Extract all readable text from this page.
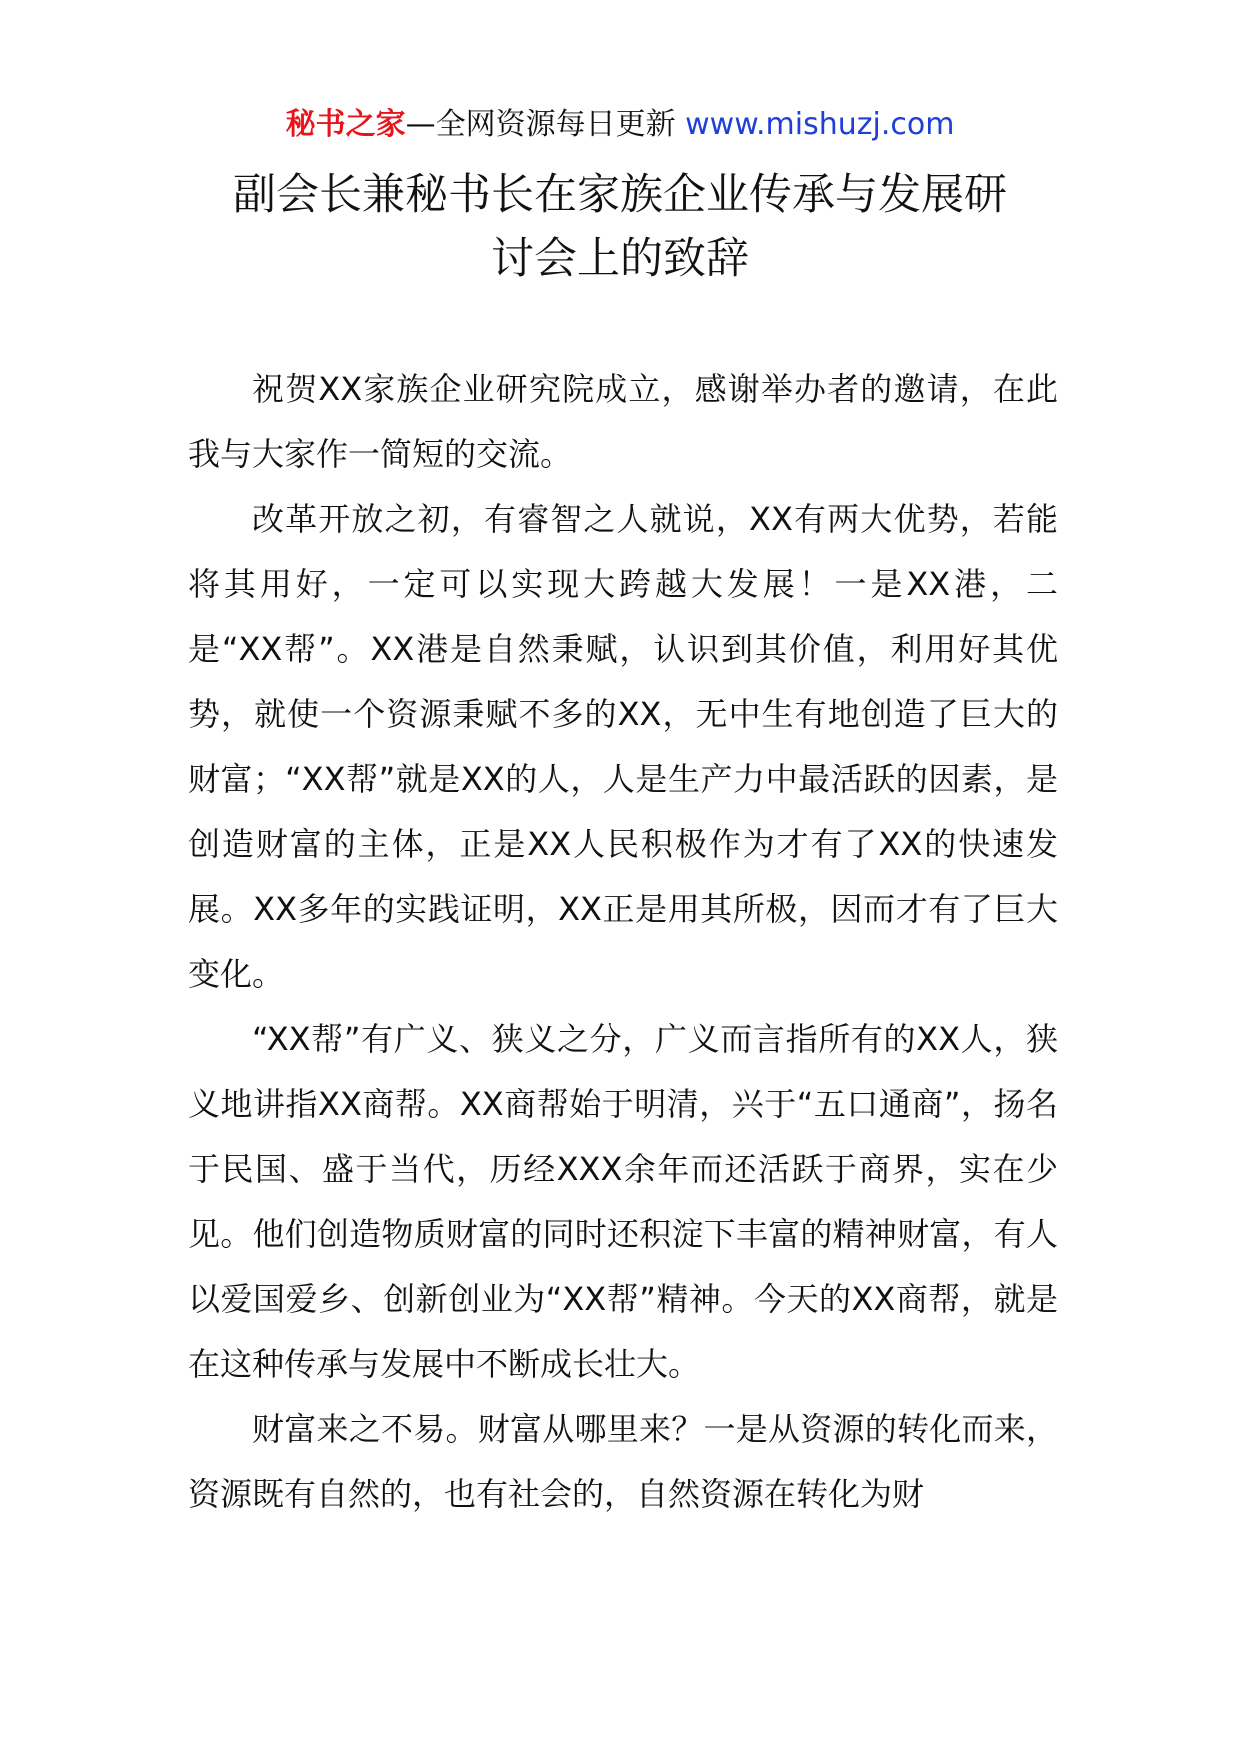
秘书之家—全网资源每日更新 www.mishuzj.com
副会长兼秘书长在家族企业传承与发展研
讨会上的致辞

祝贺XX家族企业研究院成立，感谢举办者的邀请，在此我与大家作一简短的交流。

改革开放之初，有睿智之人就说，XX有两大优势，若能将其用好，一定可以实现大跨越大发展！一是XX港，二是“XX帮”。XX港是自然秉赋，认识到其价值，利用好其优势，就使一个资源秉赋不多的XX，无中生有地创造了巨大的财富；“XX帮”就是XX的人，人是生产力中最活跃的因素，是创造财富的主体，正是XX人民积极作为才有了XX的快速发展。XX多年的实践证明，XX正是用其所极，因而才有了巨大变化。

“XX帮”有广义、狭义之分，广义而言指所有的XX人，狭义地讲指XX商帮。XX商帮始于明清，兴于“五口通商”，扬名于民国、盛于当代，历经XXX余年而还活跃于商界，实在少见。他们创造物质财富的同时还积淀下丰富的精神财富，有人以爱国爱乡、创新创业为“XX帮”精神。今天的XX商帮，就是在这种传承与发展中不断成长壮大。

财富来之不易。财富从哪里来？一是从资源的转化而来，资源既有自然的，也有社会的，自然资源在转化为财
